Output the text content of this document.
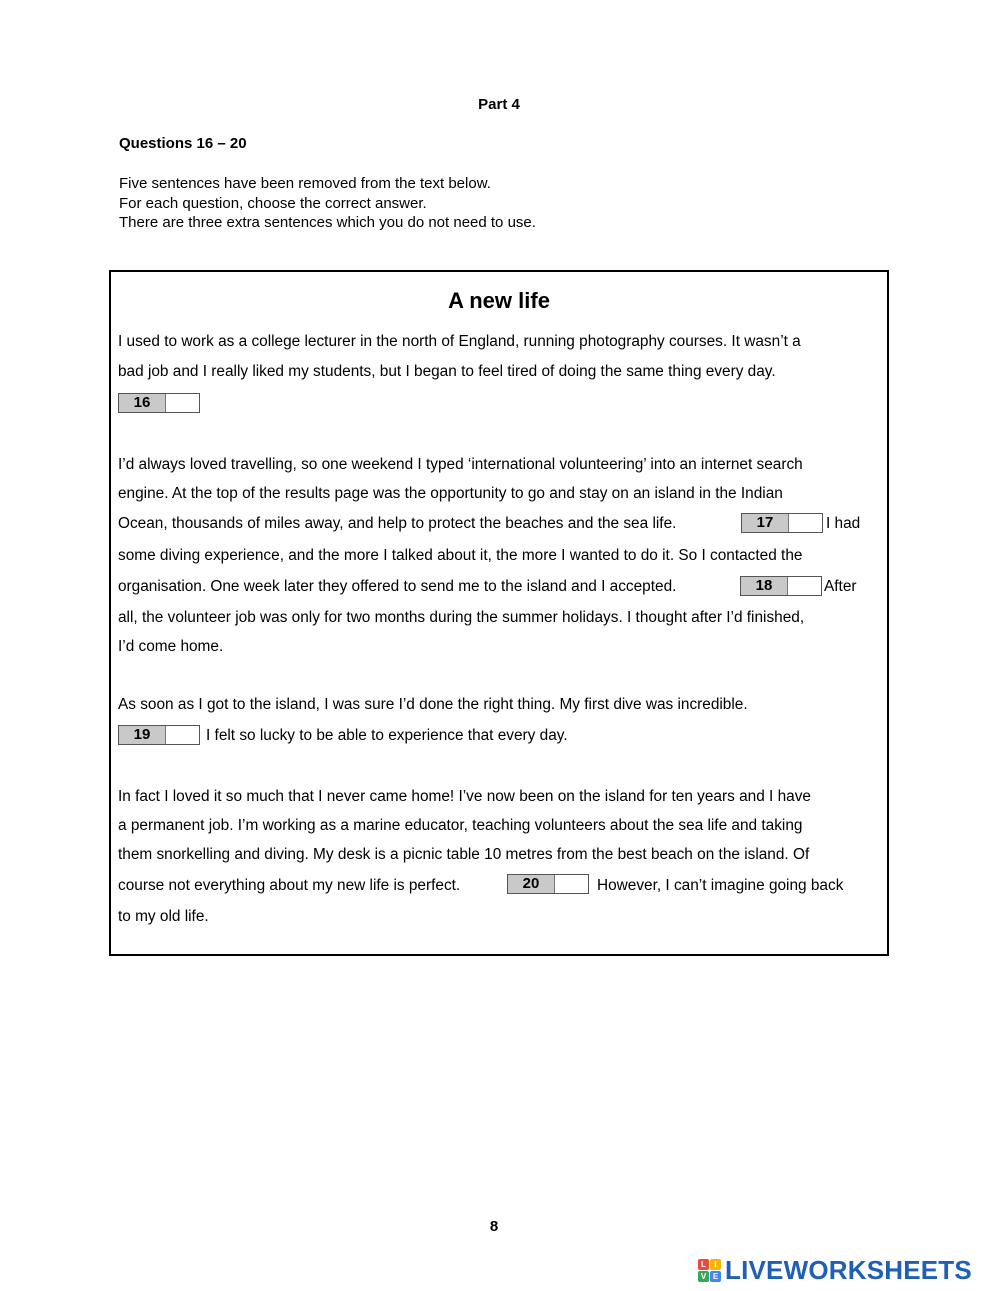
Part 4
Questions 16 – 20
Five sentences have been removed from the text below.
For each question, choose the correct answer.
There are three extra sentences which you do not need to use.
A new life
I used to work as a college lecturer in the north of England, running photography courses. It wasn’t a
bad job and I really liked my students, but I began to feel tired of doing the same thing every day.
16
I’d always loved travelling, so one weekend I typed ‘international volunteering’ into an internet search
engine. At the top of the results page was the opportunity to go and stay on an island in the Indian
Ocean, thousands of miles away, and help to protect the beaches and the sea life.	17	I had
some diving experience, and the more I talked about it, the more I wanted to do it. So I contacted the
organisation. One week later they offered to send me to the island and I accepted.	18	After
all, the volunteer job was only for two months during the summer holidays. I thought after I’d finished,
I’d come home.
As soon as I got to the island, I was sure I’d done the right thing. My first dive was incredible.
19	I felt so lucky to be able to experience that every day.
In fact I loved it so much that I never came home! I’ve now been on the island for ten years and I have
a permanent job. I’m working as a marine educator, teaching volunteers about the sea life and taking
them snorkelling and diving. My desk is a picnic table 10 metres from the best beach on the island. Of
course not everything about my new life is perfect.	20	However, I can’t imagine going back
to my old life.
8
L	I
V E LIVEWORKSHEETS
